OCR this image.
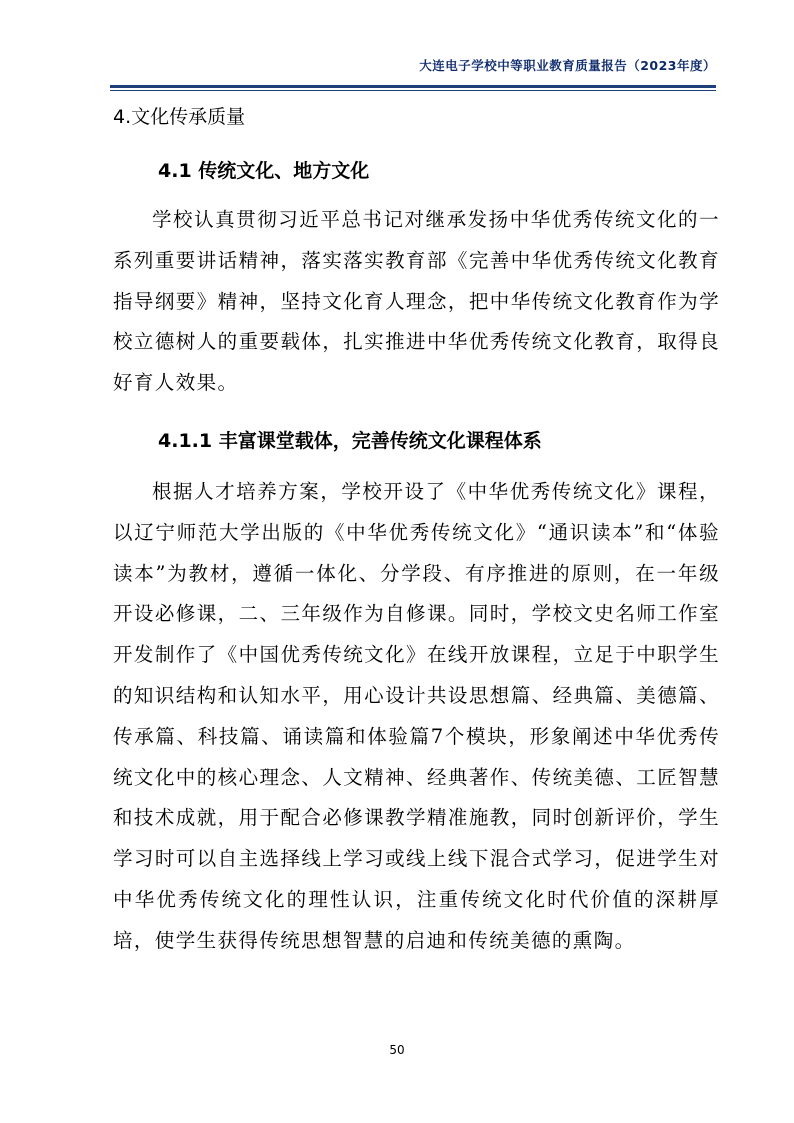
大连电子学校中等职业教育质量报告（2023年度）
4.文化传承质量
4.1 传统文化、地方文化

学校认真贯彻习近平总书记对继承发扬中华优秀传统文化的一系列重要讲话精神，落实落实教育部《完善中华优秀传统文化教育指导纲要》精神，坚持文化育人理念，把中华传统文化教育作为学校立德树人的重要载体，扎实推进中华优秀传统文化教育，取得良好育人效果。

4.1.1 丰富课堂载体，完善传统文化课程体系

根据人才培养方案，学校开设了《中华优秀传统文化》课程，以辽宁师范大学出版的《中华优秀传统文化》“通识读本”和“体验读本”为教材，遵循一体化、分学段、有序推进的原则，在一年级开设必修课，二、三年级作为自修课。同时，学校文史名师工作室开发制作了《中国优秀传统文化》在线开放课程，立足于中职学生的知识结构和认知水平，用心设计共设思想篇、经典篇、美德篇、传承篇、科技篇、诵读篇和体验篇7个模块，形象阐述中华优秀传统文化中的核心理念、人文精神、经典著作、传统美德、工匠智慧和技术成就，用于配合必修课教学精准施教，同时创新评价，学生学习时可以自主选择线上学习或线上线下混合式学习，促进学生对中华优秀传统文化的理性认识，注重传统文化时代价值的深耕厚培，使学生获得传统思想智慧的启迪和传统美德的熏陶。

50
